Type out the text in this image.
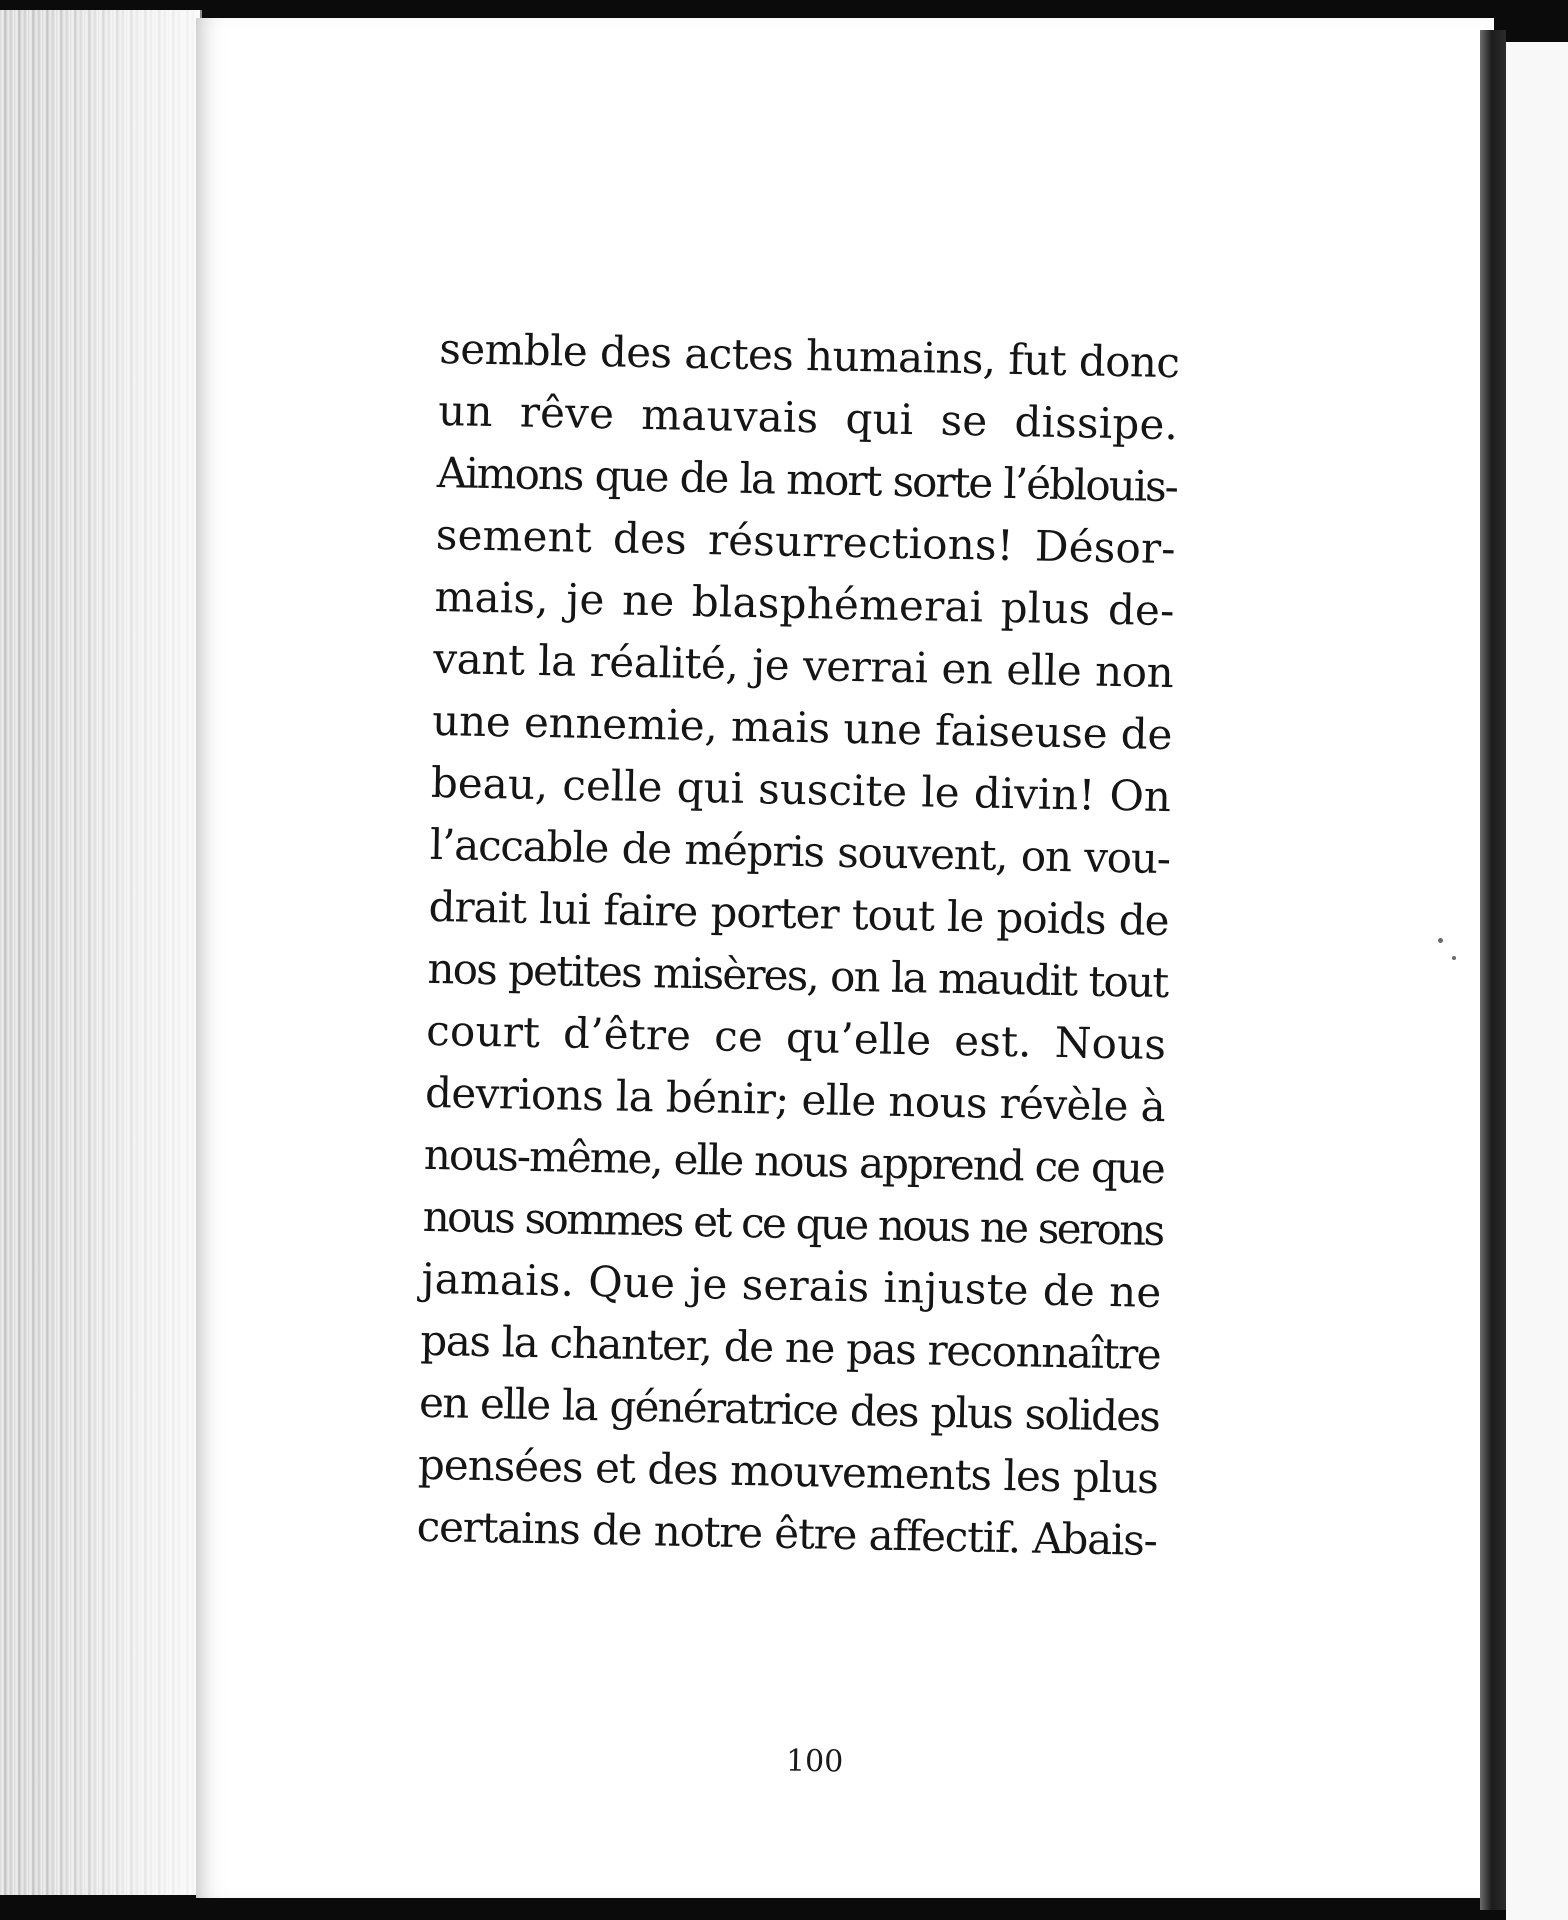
semble des actes humains, fut donc
un rêve mauvais qui se dissipe.
Aimons que de la mort sorte l’éblouis-
sement des résurrections! Désor-
mais, je ne blasphémerai plus de-
vant la réalité, je verrai en elle non
une ennemie, mais une faiseuse de
beau, celle qui suscite le divin! On
l’accable de mépris souvent, on vou-
drait lui faire porter tout le poids de
nos petites misères, on la maudit tout
court d’être ce qu’elle est. Nous
devrions la bénir; elle nous révèle à
nous-même, elle nous apprend ce que
nous sommes et ce que nous ne serons
jamais. Que je serais injuste de ne
pas la chanter, de ne pas reconnaître
en elle la génératrice des plus solides
pensées et des mouvements les plus
certains de notre être affectif. Abais-
100
